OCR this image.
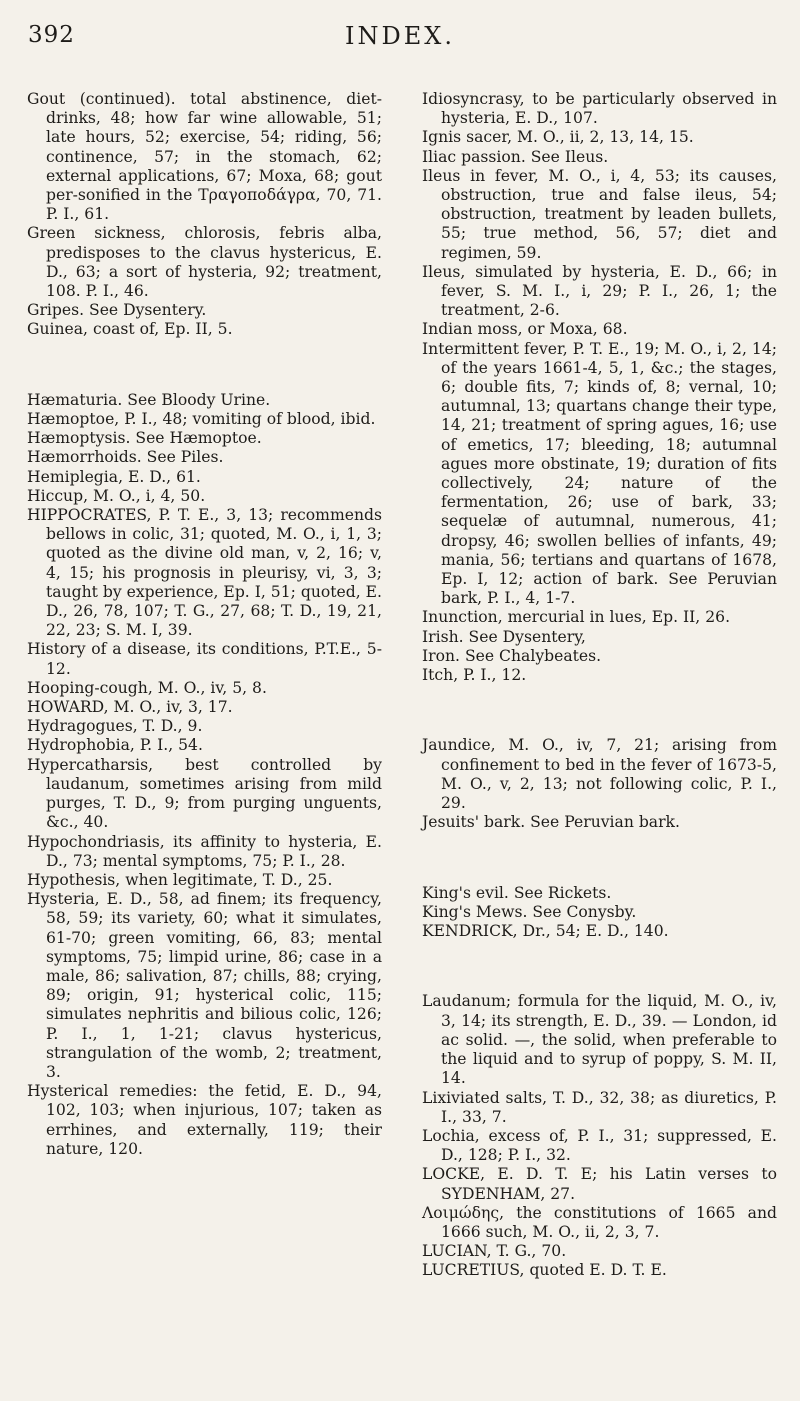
392	INDEX.

Gout (continued). total abstinence, diet-drinks, 48; how far wine allowable, 51; late hours, 52; exercise, 54; riding, 56; continence, 57; in the stomach, 62; external applications, 67; Moxa, 68; gout per-sonified in the Τραγοποδάγρα, 70, 71. P. I., 61.

Green sickness, chlorosis, febris alba, predisposes to the clavus hystericus, E. D., 63; a sort of hysteria, 92; treatment, 108. P. I., 46.

Gripes. See Dysentery.

Guinea, coast of, Ep. II, 5.

Hæmaturia. See Bloody Urine.

Hæmoptoe, P. I., 48; vomiting of blood, ibid.

Hæmoptysis. See Hæmoptoe.

Hæmorrhoids. See Piles.

Hemiplegia, E. D., 61.

Hiccup, M. O., i, 4, 50.

HIPPOCRATES, P. T. E., 3, 13; recommends bellows in colic, 31; quoted, M. O., i, 1, 3; quoted as the divine old man, v, 2, 16; v, 4, 15; his prognosis in pleurisy, vi, 3, 3; taught by experience, Ep. I, 51; quoted, E. D., 26, 78, 107; T. G., 27, 68; T. D., 19, 21, 22, 23; S. M. I, 39.

History of a disease, its conditions, P.T.E., 5-12.

Hooping-cough, M. O., iv, 5, 8.

HOWARD, M. O., iv, 3, 17.

Hydragogues, T. D., 9.

Hydrophobia, P. I., 54.

Hypercatharsis, best controlled by laudanum, sometimes arising from mild purges, T. D., 9; from purging unguents, &c., 40.

Hypochondriasis, its affinity to hysteria, E. D., 73; mental symptoms, 75; P. I., 28.

Hypothesis, when legitimate, T. D., 25.

Hysteria, E. D., 58, ad finem; its frequency, 58, 59; its variety, 60; what it simulates, 61-70; green vomiting, 66, 83; mental symptoms, 75; limpid urine, 86; case in a male, 86; salivation, 87; chills, 88; crying, 89; origin, 91; hysterical colic, 115; simulates nephritis and bilious colic, 126; P. I., 1, 1-21; clavus hystericus, strangulation of the womb, 2; treatment, 3.

Hysterical remedies: the fetid, E. D., 94, 102, 103; when injurious, 107; taken as errhines, and externally, 119; their nature, 120.

Idiosyncrasy, to be particularly observed in hysteria, E. D., 107.

Ignis sacer, M. O., ii, 2, 13, 14, 15.

Iliac passion. See Ileus.

Ileus in fever, M. O., i, 4, 53; its causes, obstruction, true and false ileus, 54; obstruction, treatment by leaden bullets, 55; true method, 56, 57; diet and regimen, 59.

Ileus, simulated by hysteria, E. D., 66; in fever, S. M. I., i, 29; P. I., 26, 1; the treatment, 2-6.

Indian moss, or Moxa, 68.

Intermittent fever, P. T. E., 19; M. O., i, 2, 14; of the years 1661-4, 5, 1, &c.; the stages, 6; double fits, 7; kinds of, 8; vernal, 10; autumnal, 13; quartans change their type, 14, 21; treatment of spring agues, 16; use of emetics, 17; bleeding, 18; autumnal agues more obstinate, 19; duration of fits collectively, 24; nature of the fermentation, 26; use of bark, 33; sequelæ of autumnal, numerous, 41; dropsy, 46; swollen bellies of infants, 49; mania, 56; tertians and quartans of 1678, Ep. I, 12; action of bark. See Peruvian bark, P. I., 4, 1-7.

Inunction, mercurial in lues, Ep. II, 26.

Irish. See Dysentery,

Iron. See Chalybeates.

Itch, P. I., 12.

Jaundice, M. O., iv, 7, 21; arising from confinement to bed in the fever of 1673-5, M. O., v, 2, 13; not following colic, P. I., 29.

Jesuits' bark. See Peruvian bark.

King's evil. See Rickets.

King's Mews. See Conysby.

KENDRICK, Dr., 54; E. D., 140.

Laudanum; formula for the liquid, M. O., iv, 3, 14; its strength, E. D., 39. — London, id ac solid. —, the solid, when preferable to the liquid and to syrup of poppy, S. M. II, 14.

Lixiviated salts, T. D., 32, 38; as diuretics, P. I., 33, 7.

Lochia, excess of, P. I., 31; suppressed, E. D., 128; P. I., 32.

LOCKE, E. D. T. E; his Latin verses to SYDENHAM, 27.

Λοιμώδης, the constitutions of 1665 and 1666 such, M. O., ii, 2, 3, 7.

LUCIAN, T. G., 70.

LUCRETIUS, quoted E. D. T. E.
